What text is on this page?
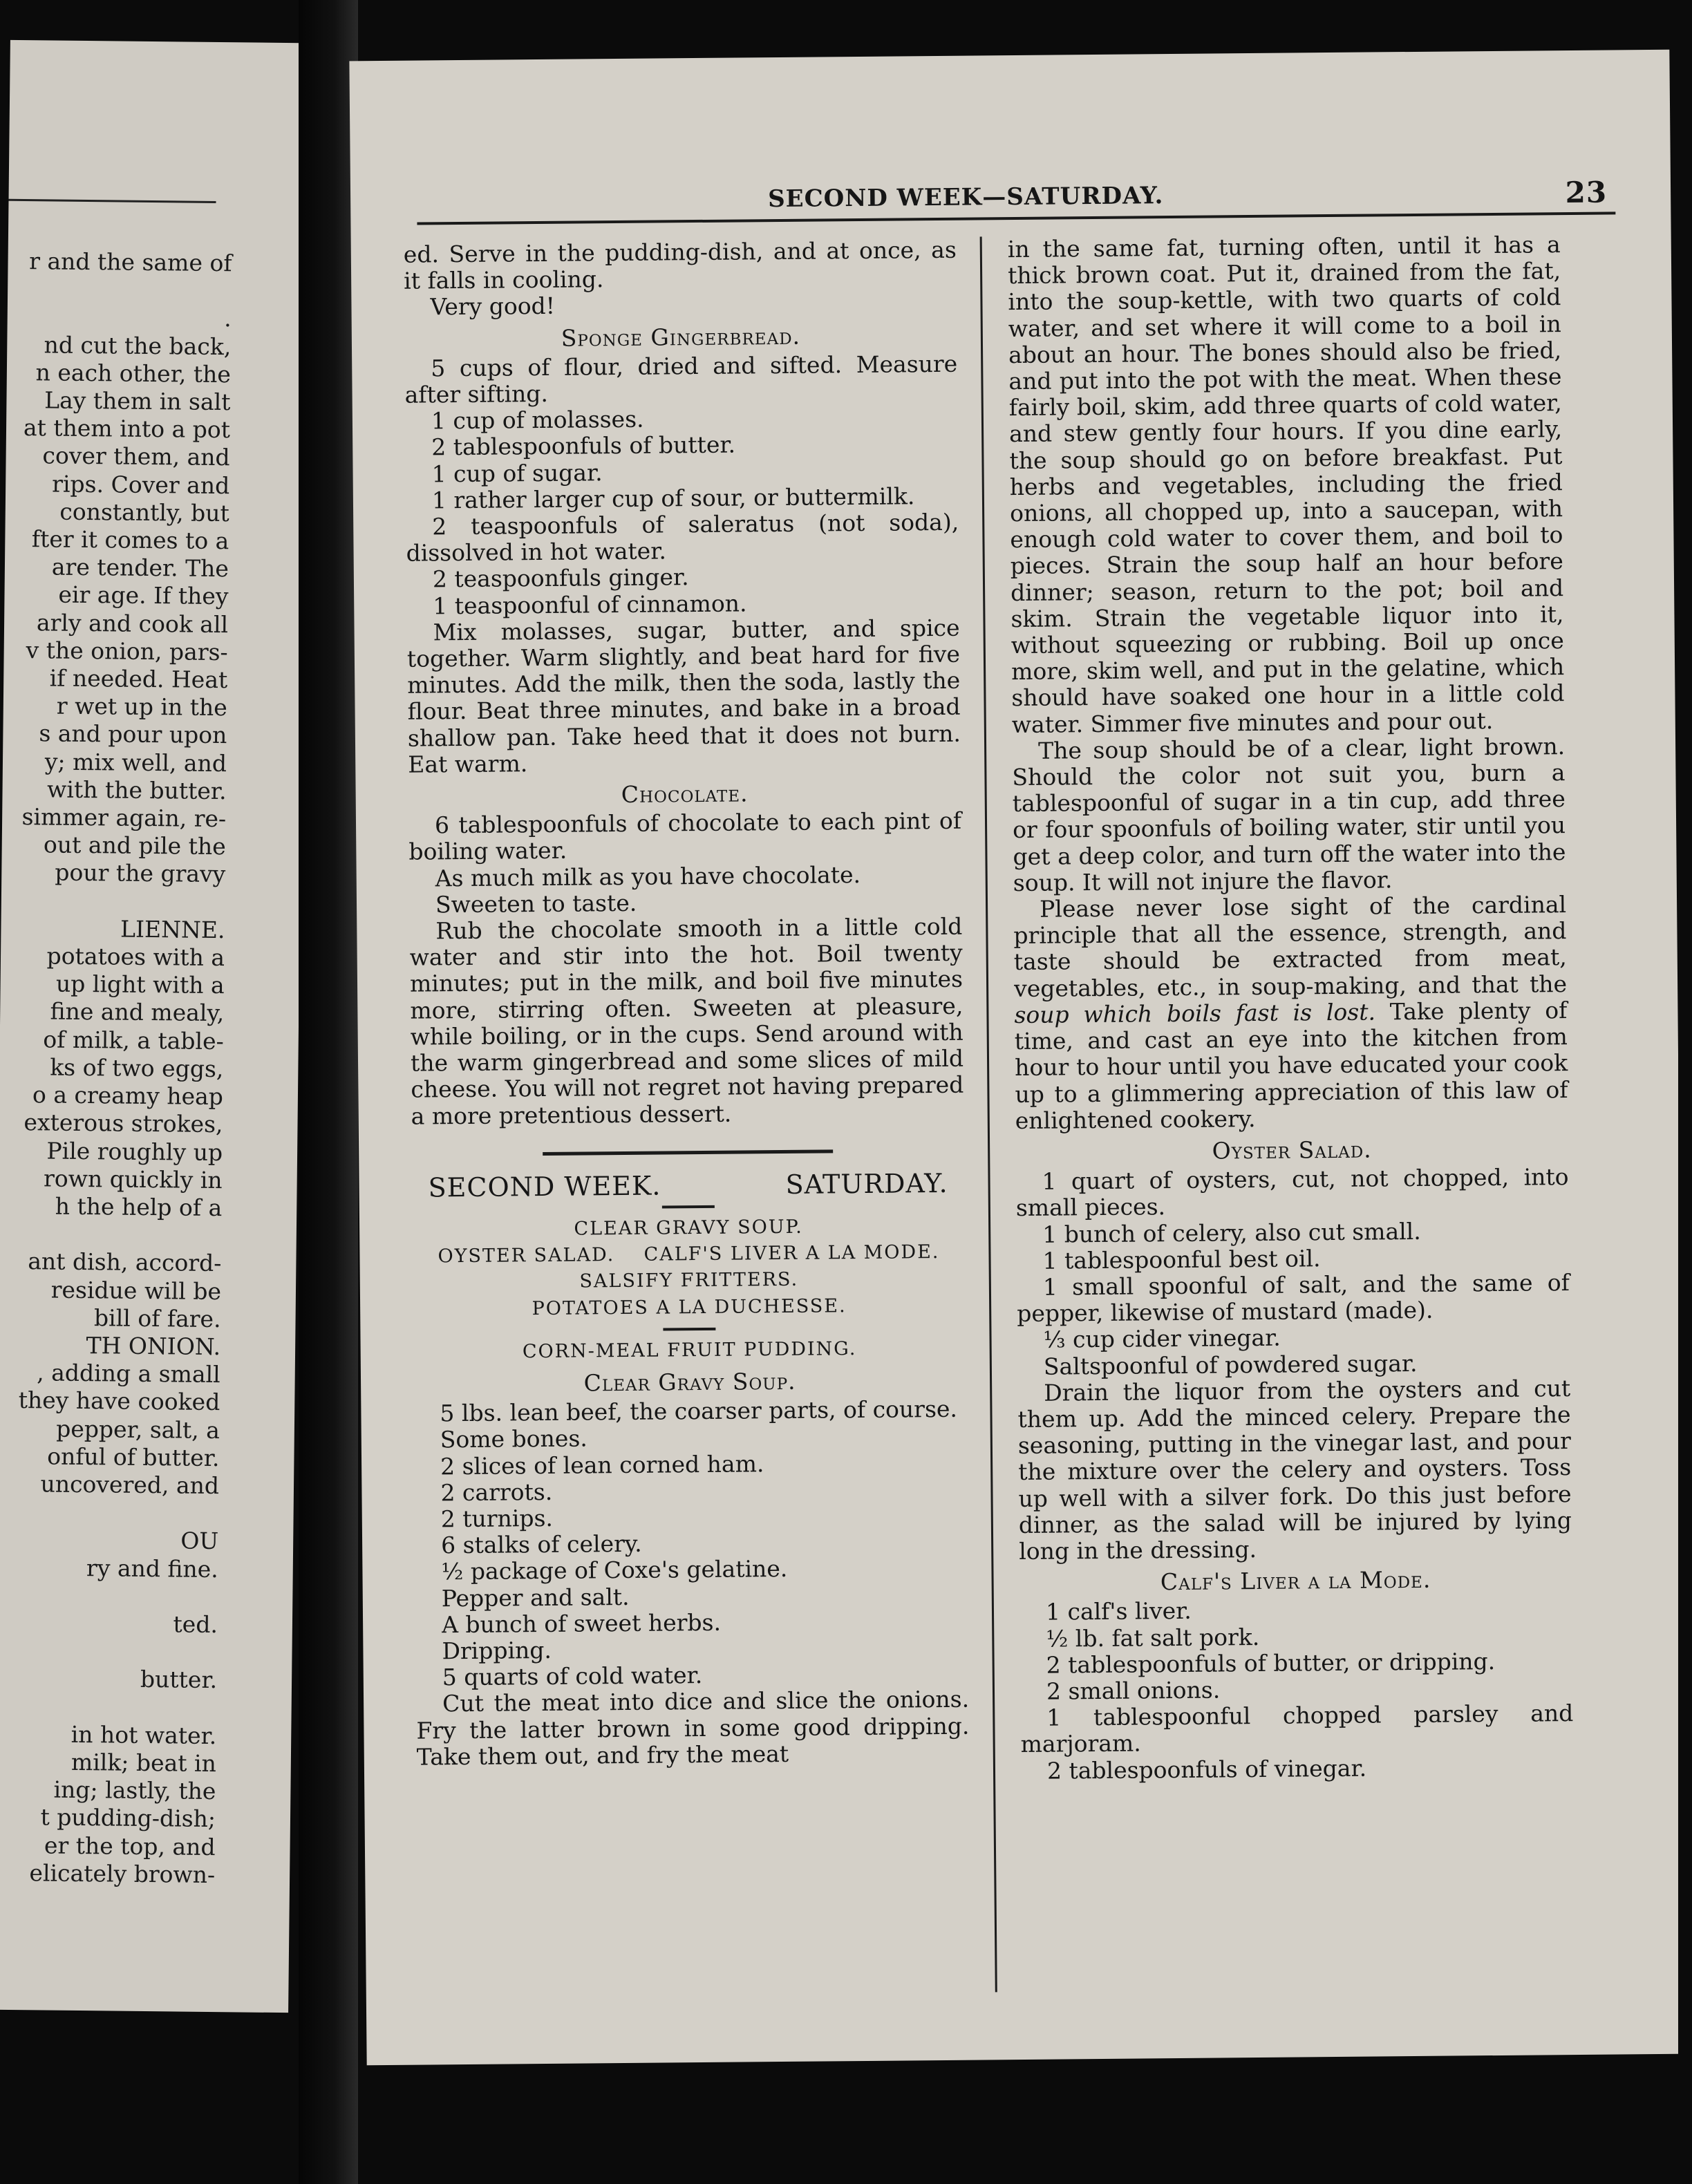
r and the same of

.
nd cut the back,
n each other, the
Lay them in salt
at them into a pot
cover them, and
rips. Cover and
constantly, but
fter it comes to a
are tender. The
eir age. If they
arly and cook all
v the onion, pars-
if needed. Heat
r wet up in the
s and pour upon
y; mix well, and
with the butter.
simmer again, re-
out and pile the
pour the gravy

LIENNE.
potatoes with a
up light with a
fine and mealy,
of milk, a table-
ks of two eggs,
o a creamy heap
exterous strokes,
Pile roughly up
rown quickly in
h the help of a

ant dish, accord-
residue will be
bill of fare.
TH ONION.
, adding a small
they have cooked
pepper, salt, a
onful of butter.
uncovered, and

OU
ry and fine.

ted.

butter.

in hot water.
milk; beat in
ing; lastly, the
t pudding-dish;
er the top, and
elicately brown-
SECOND WEEK—SATURDAY.	23

ed. Serve in the pudding-dish, and at once, as it falls in cooling.

Very good!

Sponge Gingerbread.

5 cups of flour, dried and sifted. Measure after sifting.

1 cup of molasses.

2 tablespoonfuls of butter.

1 cup of sugar.

1 rather larger cup of sour, or buttermilk.

2 teaspoonfuls of saleratus (not soda), dissolved in hot water.

2 teaspoonfuls ginger.

1 teaspoonful of cinnamon.

Mix molasses, sugar, butter, and spice together. Warm slightly, and beat hard for five minutes. Add the milk, then the soda, lastly the flour. Beat three minutes, and bake in a broad shallow pan. Take heed that it does not burn. Eat warm.

Chocolate.

6 tablespoonfuls of chocolate to each pint of boiling water.

As much milk as you have chocolate.

Sweeten to taste.

Rub the chocolate smooth in a little cold water and stir into the hot. Boil twenty minutes; put in the milk, and boil five minutes more, stirring often. Sweeten at pleasure, while boiling, or in the cups. Send around with the warm gingerbread and some slices of mild cheese. You will not regret not having prepared a more pretentious dessert.

SECOND WEEK.	SATURDAY.

CLEAR GRAVY SOUP.

OYSTER SALAD.    CALF'S LIVER A LA MODE.

SALSIFY FRITTERS.

POTATOES A LA DUCHESSE.

CORN-MEAL FRUIT PUDDING.

Clear Gravy Soup.

5 lbs. lean beef, the coarser parts, of course.

Some bones.

2 slices of lean corned ham.

2 carrots.

2 turnips.

6 stalks of celery.

½ package of Coxe's gelatine.

Pepper and salt.

A bunch of sweet herbs.

Dripping.

5 quarts of cold water.

Cut the meat into dice and slice the onions. Fry the latter brown in some good dripping. Take them out, and fry the meat

in the same fat, turning often, until it has a thick brown coat. Put it, drained from the fat, into the soup-kettle, with two quarts of cold water, and set where it will come to a boil in about an hour. The bones should also be fried, and put into the pot with the meat. When these fairly boil, skim, add three quarts of cold water, and stew gently four hours. If you dine early, the soup should go on before breakfast. Put herbs and vegetables, including the fried onions, all chopped up, into a saucepan, with enough cold water to cover them, and boil to pieces. Strain the soup half an hour before dinner; season, return to the pot; boil and skim. Strain the vegetable liquor into it, without squeezing or rubbing. Boil up once more, skim well, and put in the gelatine, which should have soaked one hour in a little cold water. Simmer five minutes and pour out.

The soup should be of a clear, light brown. Should the color not suit you, burn a tablespoonful of sugar in a tin cup, add three or four spoonfuls of boiling water, stir until you get a deep color, and turn off the water into the soup. It will not injure the flavor.

Please never lose sight of the cardinal principle that all the essence, strength, and taste should be extracted from meat, vegetables, etc., in soup-making, and that the soup which boils fast is lost. Take plenty of time, and cast an eye into the kitchen from hour to hour until you have educated your cook up to a glimmering appreciation of this law of enlightened cookery.

Oyster Salad.

1 quart of oysters, cut, not chopped, into small pieces.

1 bunch of celery, also cut small.

1 tablespoonful best oil.

1 small spoonful of salt, and the same of pepper, likewise of mustard (made).

⅓ cup cider vinegar.

Saltspoonful of powdered sugar.

Drain the liquor from the oysters and cut them up. Add the minced celery. Prepare the seasoning, putting in the vinegar last, and pour the mixture over the celery and oysters. Toss up well with a silver fork. Do this just before dinner, as the salad will be injured by lying long in the dressing.

Calf's Liver a la Mode.

1 calf's liver.

½ lb. fat salt pork.

2 tablespoonfuls of butter, or dripping.

2 small onions.

1 tablespoonful chopped parsley and marjoram.

2 tablespoonfuls of vinegar.
